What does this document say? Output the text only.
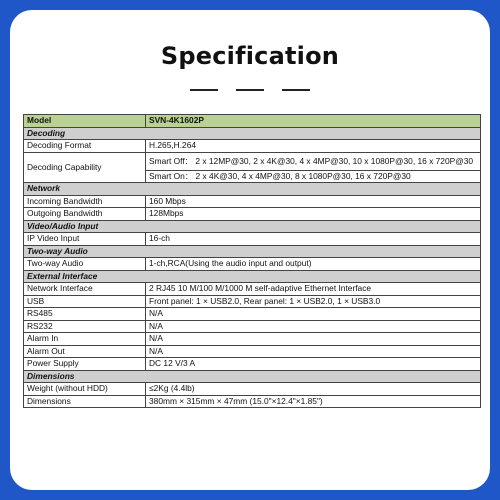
Specification
Model	SVN-4K1602P
Decoding	
Decoding Format	H.265,H.264
Decoding Capability	Smart Off： 2 x 12MP@30, 2 x 4K@30, 4 x 4MP@30, 10 x 1080P@30, 16 x 720P@30
	Smart On： 2 x 4K@30, 4 x 4MP@30, 8 x 1080P@30, 16 x 720P@30
Network	
Incoming Bandwidth	160 Mbps
Outgoing Bandwidth	128Mbps
Video/Audio Input	
IP Video Input	16-ch
Two-way Audio	
Two-way Audio	1-ch,RCA(Using the audio input and output)
External Interface	
Network Interface	2 RJ45 10 M/100 M/1000 M self-adaptive Ethernet Interface
USB	Front panel: 1 × USB2.0, Rear panel: 1 × USB2.0, 1 × USB3.0
RS485	N/A
RS232	N/A
Alarm In	N/A
Alarm Out	N/A
Power Supply	DC 12 V/3 A
Dimensions	
Weight (without HDD)	≤2Kg (4.4lb)
Dimensions	380mm × 315mm × 47mm (15.0"×12.4"×1.85")
